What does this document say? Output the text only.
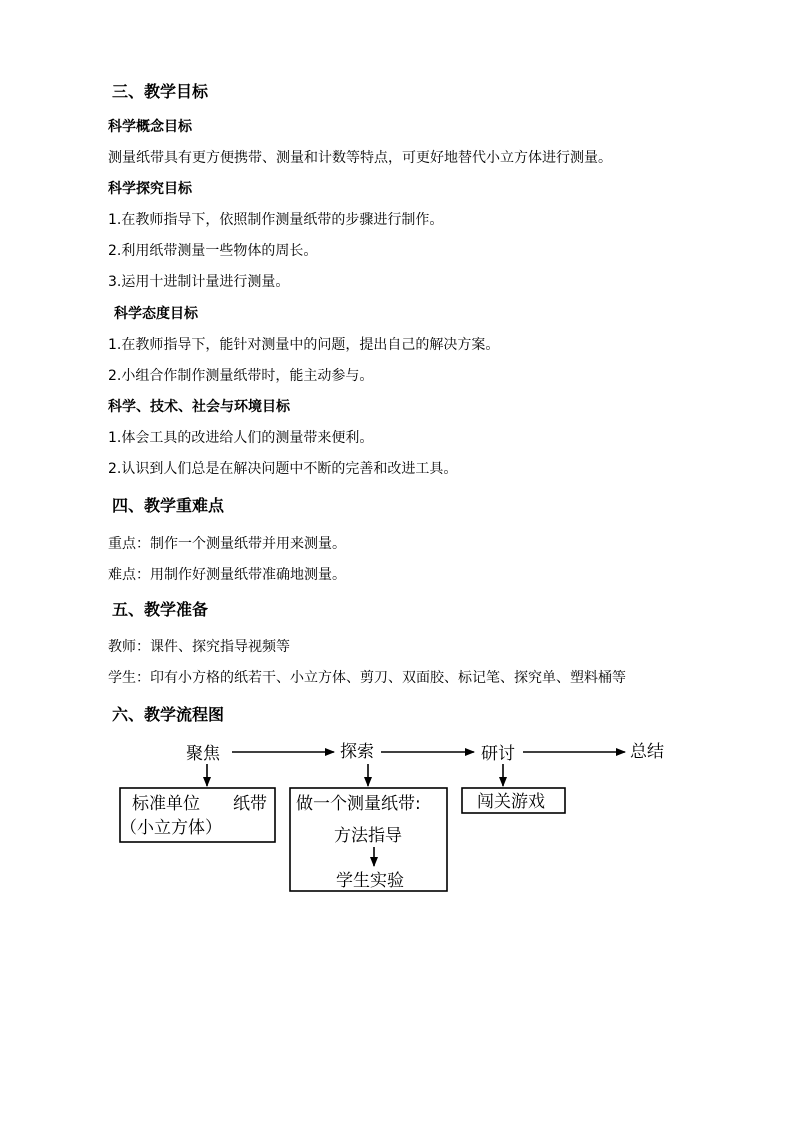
三、教学目标
科学概念目标
测量纸带具有更方便携带、测量和计数等特点，可更好地替代小立方体进行测量。
科学探究目标
1.在教师指导下，依照制作测量纸带的步骤进行制作。
2.利用纸带测量一些物体的周长。
3.运用十进制计量进行测量。
科学态度目标
1.在教师指导下，能针对测量中的问题，提出自己的解决方案。
2.小组合作制作测量纸带时，能主动参与。
科学、技术、社会与环境目标
1.体会工具的改进给人们的测量带来便利。
2.认识到人们总是在解决问题中不断的完善和改进工具。
四、教学重难点
重点：制作一个测量纸带并用来测量。
难点：用制作好测量纸带准确地测量。
五、教学准备
教师：课件、探究指导视频等
学生：印有小方格的纸若干、小立方体、剪刀、双面胶、标记笔、探究单、塑料桶等
六、教学流程图
聚焦	探索	研讨	总结
标准单位 纸带
（小立方体）
做一个测量纸带:
方法指导
学生实验
闯关游戏
